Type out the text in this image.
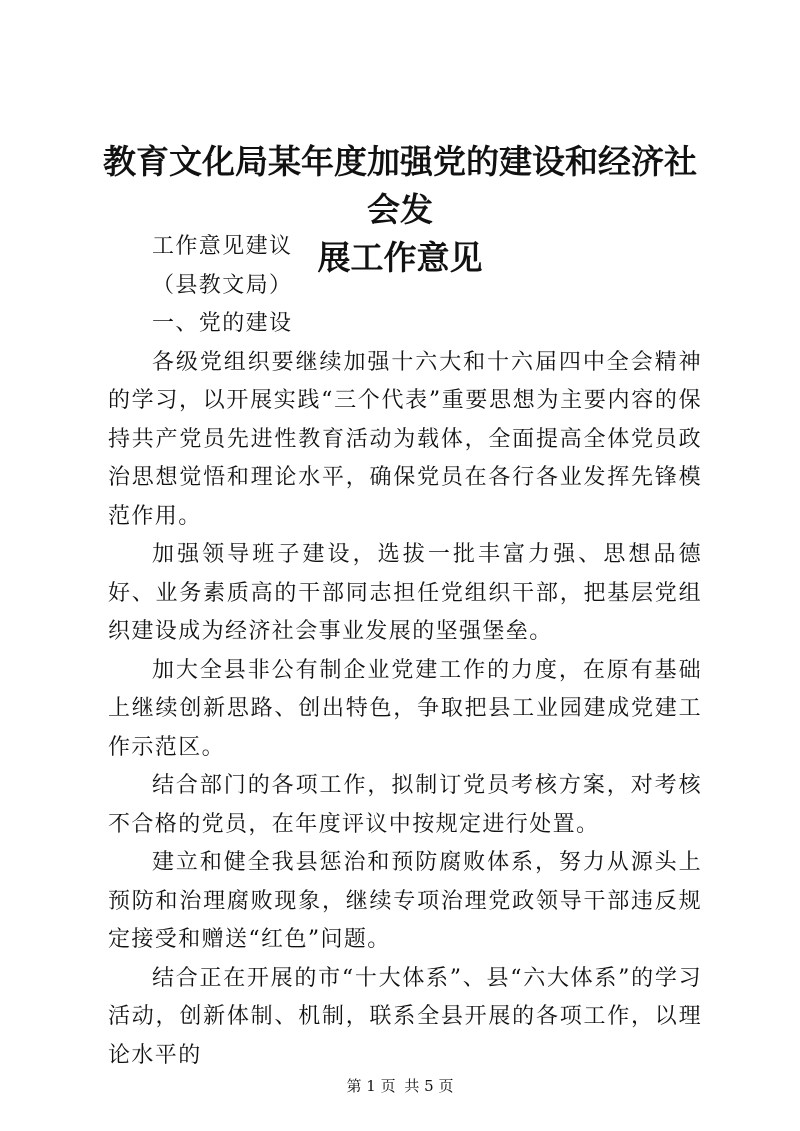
教育文化局某年度加强党的建设和经济社会发
展工作意见

工作意见建议

（县教文局）

一、党的建设

各级党组织要继续加强十六大和十六届四中全会精神的学习，以开展实践“三个代表”重要思想为主要内容的保持共产党员先进性教育活动为载体，全面提高全体党员政治思想觉悟和理论水平，确保党员在各行各业发挥先锋模范作用。

加强领导班子建设，选拔一批丰富力强、思想品德好、业务素质高的干部同志担任党组织干部，把基层党组织建设成为经济社会事业发展的坚强堡垒。

加大全县非公有制企业党建工作的力度，在原有基础上继续创新思路、创出特色，争取把县工业园建成党建工作示范区。

结合部门的各项工作，拟制订党员考核方案，对考核不合格的党员，在年度评议中按规定进行处置。

建立和健全我县惩治和预防腐败体系，努力从源头上预防和治理腐败现象，继续专项治理党政领导干部违反规定接受和赠送“红色”问题。

结合正在开展的市“十大体系”、县“六大体系”的学习活动，创新体制、机制，联系全县开展的各项工作，以理论水平的

第 1 页 共 5 页
